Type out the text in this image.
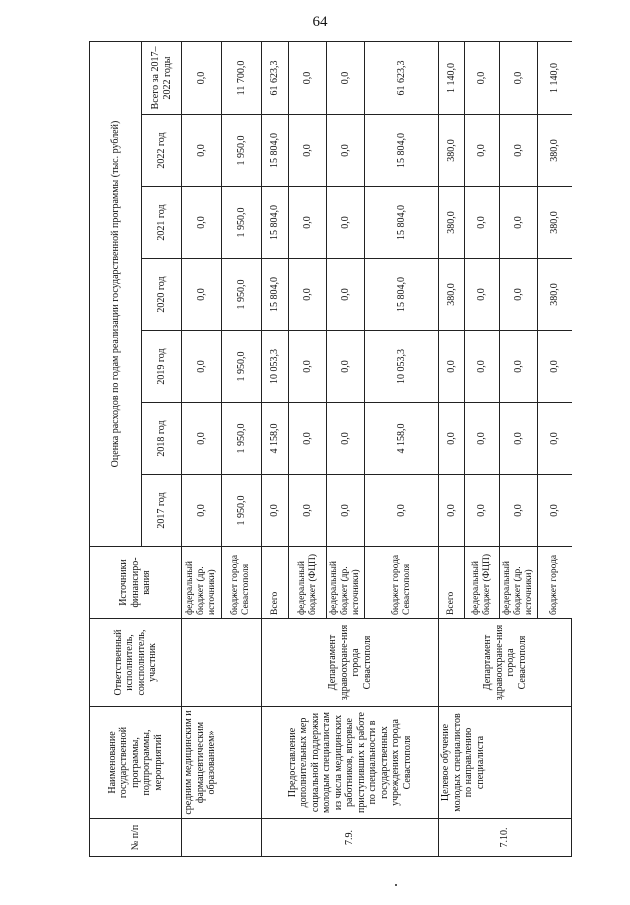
64
№ п/п	Наименование государственной программы, подпрограммы, мероприятий	Ответственный исполнитель, соисполнитель, участник	Источники финансиро-вания	Оценка расходов по годам реализации государственной программы (тыс. рублей)						
				2017 год	2018 год	2019 год	2020 год	2021 год	2022 год	Всего за 2017–2022 годы
	средним медицинским и фармацевтическим образованием»		федеральный бюджет (др. источники)	0,0	0,0	0,0	0,0	0,0	0,0	0,0
			бюджет города Севастополя	1 950,0	1 950,0	1 950,0	1 950,0	1 950,0	1 950,0	11 700,0
7.9.	Предоставление дополнительных мер социальной поддержки молодым специалистам из числа медицинских работников, впервые приступивших к работе по специальности в государственных учреждениях города Севастополя	Департамент здравоохране-ния города Севастополя	Всего	0,0	4 158,0	10 053,3	15 804,0	15 804,0	15 804,0	61 623,3
			федеральный бюджет (ФЦП)	0,0	0,0	0,0	0,0	0,0	0,0	0,0
			федеральный бюджет (др. источники)	0,0	0,0	0,0	0,0	0,0	0,0	0,0
			бюджет города Севастополя	0,0	4 158,0	10 053,3	15 804,0	15 804,0	15 804,0	61 623,3
7.10.	Целевое обучение молодых специалистов по направлению специалиста	Департамент здравоохране-ния города Севастополя	Всего	0,0	0,0	0,0	380,0	380,0	380,0	1 140,0
			федеральный бюджет (ФЦП)	0,0	0,0	0,0	0,0	0,0	0,0	0,0
			федеральный бюджет (др. источники)	0,0	0,0	0,0	0,0	0,0	0,0	0,0
			бюджет города	0,0	0,0	0,0	380,0	380,0	380,0	1 140,0
